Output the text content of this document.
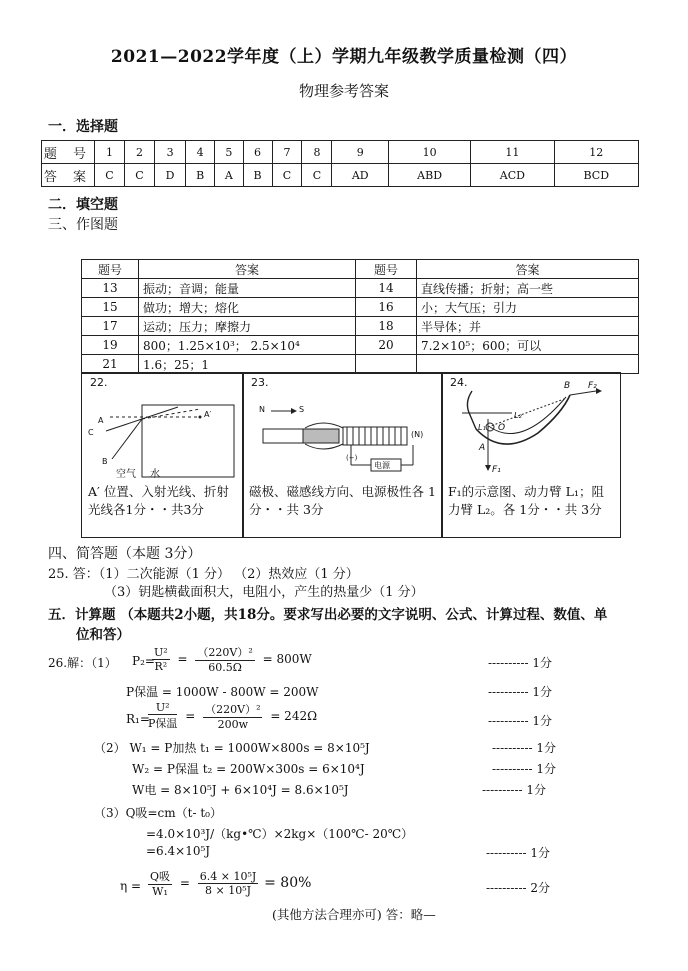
2021—2022学年度（上）学期九年级教学质量检测（四）
物理参考答案
一．选择题
题 号	1	2	3	4	5	6	7	8	9	10	11	12
答 案	C	C	D	B	A	B	C	C	AD	ABD	ACD	BCD
二．填空题
三、作图题
题号	答案	题号	答案
13	振动；音调；能量	14	直线传播；折射；高一些
15	做功；增大；熔化	16	小；大气压；引力
17	运动；压力；摩擦力	18	半导体；并
19	800；1.25×10³； 2.5×10⁴	20	7.2×10⁵；600；可以
21	1.6；25；1		
22.
A
A′
C
B
空气 水
A′ 位置、入射光线、折射光线各1分・・共3分
23.
N	S
(N)
(−)
电源
磁极、磁感线方向、电源极性各 1分・・共 3分
24.	B F₂
L₂
L₁ O
A
F₁
F₁的示意图、动力臂 L₁；阻力臂 L₂。各 1分・・共 3分
四、简答题（本题 3分）
25. 答：（1）二次能源（1 分） （2）热效应（1 分）
（3）钥匙横截面积大，电阻小，产生的热量少（1 分）
五．计算题 （本题共2小题，共18分。要求写出必要的文字说明、公式、计算过程、数值、单
位和答）
26.解：（1） P₂=
$\frac{\text{U²}}{\text{R²}} = \frac{\text{（220V）²}}{60.5\Omega} = 800W$
P保温 = 1000W - 800W = 200W
R₁=
$\frac{\text{U²}}{\text{P保温}} = \frac{\text{（220V）²}}{200w} = 242\Omega$
（2） W₁ = P加热 t₁ = 1000W×800s = 8×10⁵J
W₂ = P保温 t₂ = 200W×300s = 6×10⁴J
W电 = 8×10⁵J + 6×10⁴J = 8.6×10⁵J
（3）Q吸=cm（t- t₀）
=4.0×10³J/（kg•℃）×2kg×（100℃- 20℃）
=6.4×10⁵J
$\eta = \frac{\text{Q吸}}{\text{W₁}} = \frac{\text{6.4 × 10⁵J}}{\text{8 × 10⁵J}} = 80\%$
(其他方法合理亦可) 答：略—
---------- 1分
---------- 1分
---------- 1分
---------- 1分
---------- 1分
---------- 1分
---------- 1分
---------- 2分
